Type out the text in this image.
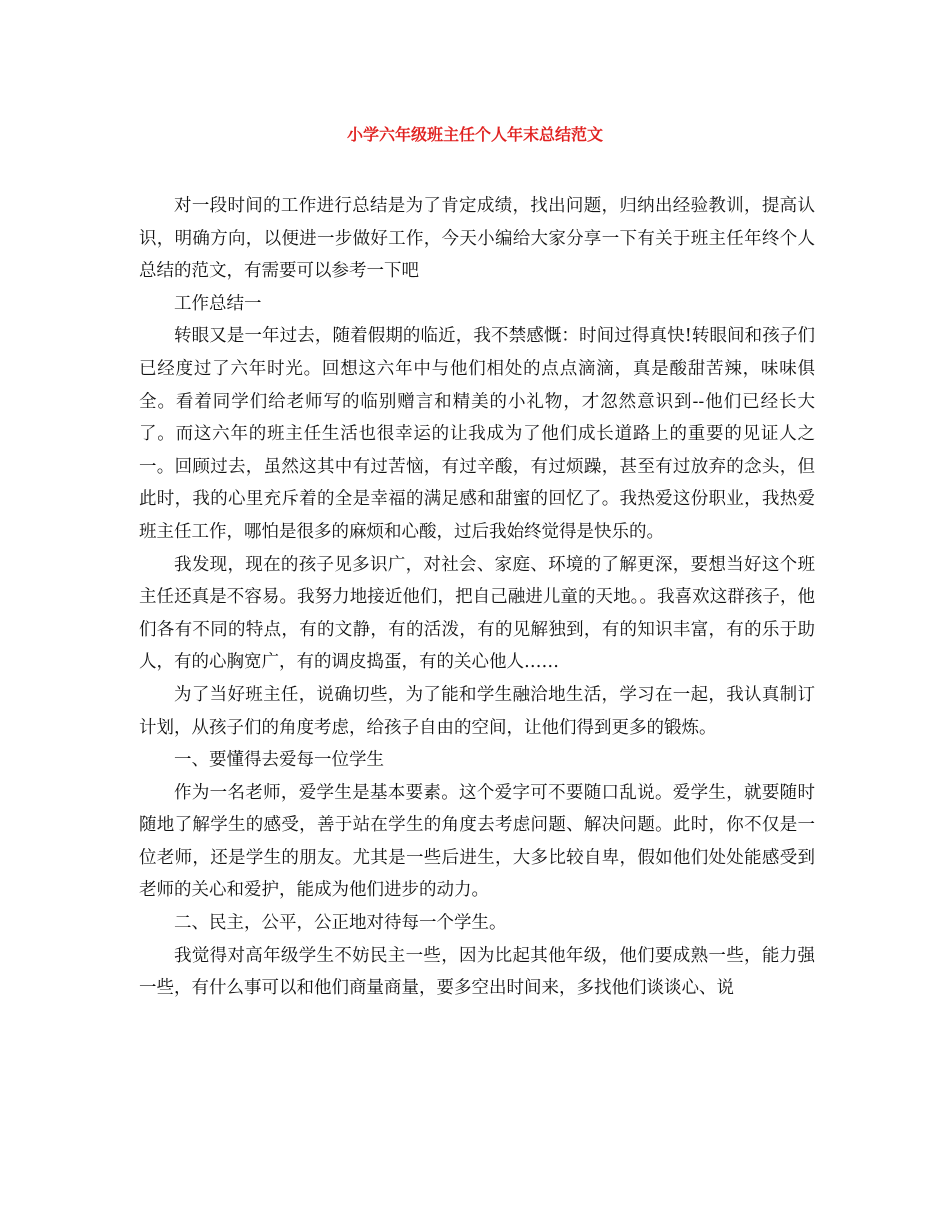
小学六年级班主任个人年末总结范文

对一段时间的工作进行总结是为了肯定成绩，找出问题，归纳出经验教训，提高认识，明确方向，以便进一步做好工作，今天小编给大家分享一下有关于班主任年终个人总结的范文，有需要可以参考一下吧

工作总结一

转眼又是一年过去，随着假期的临近，我不禁感慨：时间过得真快!转眼间和孩子们已经度过了六年时光。回想这六年中与他们相处的点点滴滴，真是酸甜苦辣，味味俱全。看着同学们给老师写的临别赠言和精美的小礼物，才忽然意识到--他们已经长大了。而这六年的班主任生活也很幸运的让我成为了他们成长道路上的重要的见证人之一。回顾过去，虽然这其中有过苦恼，有过辛酸，有过烦躁，甚至有过放弃的念头，但此时，我的心里充斥着的全是幸福的满足感和甜蜜的回忆了。我热爱这份职业，我热爱班主任工作，哪怕是很多的麻烦和心酸，过后我始终觉得是快乐的。

我发现，现在的孩子见多识广，对社会、家庭、环境的了解更深，要想当好这个班主任还真是不容易。我努力地接近他们，把自己融进儿童的天地。。我喜欢这群孩子，他们各有不同的特点，有的文静，有的活泼，有的见解独到，有的知识丰富，有的乐于助人，有的心胸宽广，有的调皮捣蛋，有的关心他人……

为了当好班主任，说确切些，为了能和学生融洽地生活，学习在一起，我认真制订计划，从孩子们的角度考虑，给孩子自由的空间，让他们得到更多的锻炼。

一、要懂得去爱每一位学生

作为一名老师，爱学生是基本要素。这个爱字可不要随口乱说。爱学生，就要随时随地了解学生的感受，善于站在学生的角度去考虑问题、解决问题。此时，你不仅是一位老师，还是学生的朋友。尤其是一些后进生，大多比较自卑，假如他们处处能感受到老师的关心和爱护，能成为他们进步的动力。

二、民主，公平，公正地对待每一个学生。

我觉得对高年级学生不妨民主一些，因为比起其他年级，他们要成熟一些，能力强一些，有什么事可以和他们商量商量，要多空出时间来，多找他们谈谈心、说
